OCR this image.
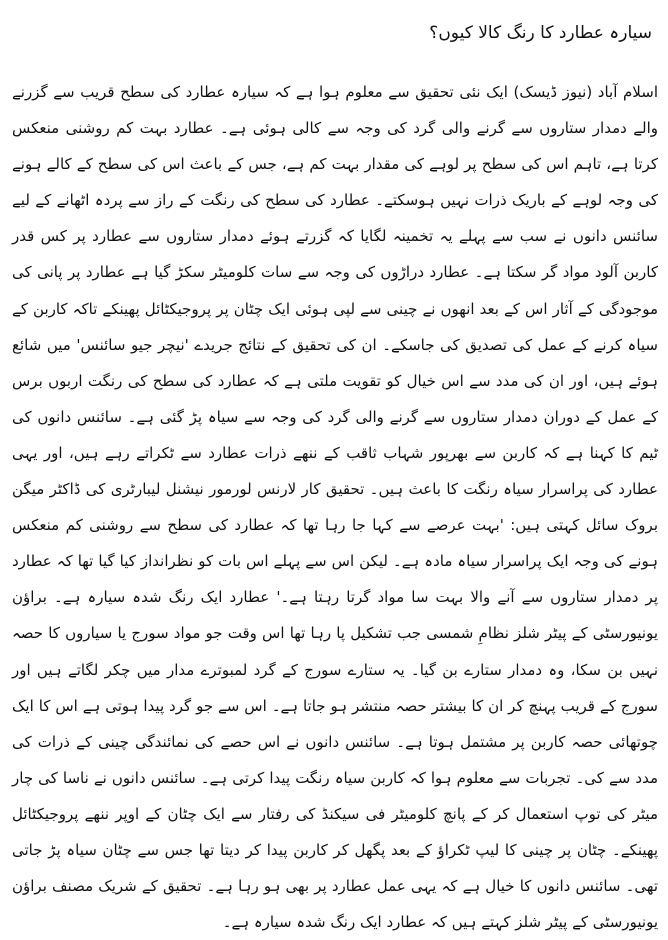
سیارہ عطارد کا رنگ کالا کیوں؟

اسلام آباد (نیوز ڈیسک) ایک نئی تحقیق سے معلوم ہوا ہے کہ سیارہ عطارد کی سطح قریب سے گزرنے والے دمدار ستاروں سے گرنے والی گرد کی وجہ سے کالی ہوئی ہے۔ عطارد بہت کم روشنی منعکس کرتا ہے، تاہم اس کی سطح پر لوہے کی مقدار بہت کم ہے، جس کے باعث اس کی سطح کے کالے ہونے کی وجہ لوہے کے باریک ذرات نہیں ہوسکتے۔ عطارد کی سطح کی رنگت کے راز سے پردہ اٹھانے کے لیے سائنس دانوں نے سب سے پہلے یہ تخمینہ لگایا کہ گزرتے ہوئے دمدار ستاروں سے عطارد پر کس قدر کاربن آلود مواد گر سکتا ہے۔ عطارد دراڑوں کی وجہ سے سات کلومیٹر سکڑ گیا ہے عطارد پر پانی کی موجودگی کے آثار اس کے بعد انھوں نے چینی سے لپی ہوئی ایک چٹان پر پروجیکٹائل پھینکے تاکہ کاربن کے سیاہ کرنے کے عمل کی تصدیق کی جاسکے۔ ان کی تحقیق کے نتائج جریدے 'نیچر جیو سائنس' میں شائع ہوئے ہیں، اور ان کی مدد سے اس خیال کو تقویت ملتی ہے کہ عطارد کی سطح کی رنگت اربوں برس کے عمل کے دوران دمدار ستاروں سے گرنے والی گرد کی وجہ سے سیاہ پڑ گئی ہے۔ سائنس دانوں کی ٹیم کا کہنا ہے کہ کاربن سے بھرپور شہاب ثاقب کے ننھے ذرات عطارد سے ٹکراتے رہے ہیں، اور یہی عطارد کی پراسرار سیاہ رنگت کا باعث ہیں۔ تحقیق کار لارنس لورمور نیشنل لیبارٹری کی ڈاکٹر میگن بروک سائل کہتی ہیں: 'بہت عرصے سے کہا جا رہا تھا کہ عطارد کی سطح سے روشنی کم منعکس ہونے کی وجہ ایک پراسرار سیاہ مادہ ہے۔ لیکن اس سے پہلے اس بات کو نظرانداز کیا گیا تھا کہ عطارد پر دمدار ستاروں سے آنے والا بہت سا مواد گرتا رہتا ہے۔' عطارد ایک رنگ شدہ سیارہ ہے۔ براؤن یونیورسٹی کے پیٹر شلز نظامِ شمسی جب تشکیل پا رہا تھا اس وقت جو مواد سورج یا سیاروں کا حصہ نہیں بن سکا، وہ دمدار ستارے بن گیا۔ یہ ستارے سورج کے گرد لمبوترے مدار میں چکر لگاتے ہیں اور سورج کے قریب پہنچ کر ان کا بیشتر حصہ منتشر ہو جاتا ہے۔ اس سے جو گرد پیدا ہوتی ہے اس کا ایک چوتھائی حصہ کاربن پر مشتمل ہوتا ہے۔ سائنس دانوں نے اس حصے کی نمائندگی چینی کے ذرات کی مدد سے کی۔ تجربات سے معلوم ہوا کہ کاربن سیاہ رنگت پیدا کرتی ہے۔ سائنس دانوں نے ناسا کی چار میٹر کی توپ استعمال کر کے پانچ کلومیٹر فی سیکنڈ کی رفتار سے ایک چٹان کے اوپر ننھے پروجیکٹائل پھینکے۔ چٹان پر چینی کا لیپ ٹکراؤ کے بعد پگھل کر کاربن پیدا کر دیتا تھا جس سے چٹان سیاہ پڑ جاتی تھی۔ سائنس دانوں کا خیال ہے کہ یہی عمل عطارد پر بھی ہو رہا ہے۔ تحقیق کے شریک مصنف براؤن یونیورسٹی کے پیٹر شلز کہتے ہیں کہ عطارد ایک رنگ شدہ سیارہ ہے۔
